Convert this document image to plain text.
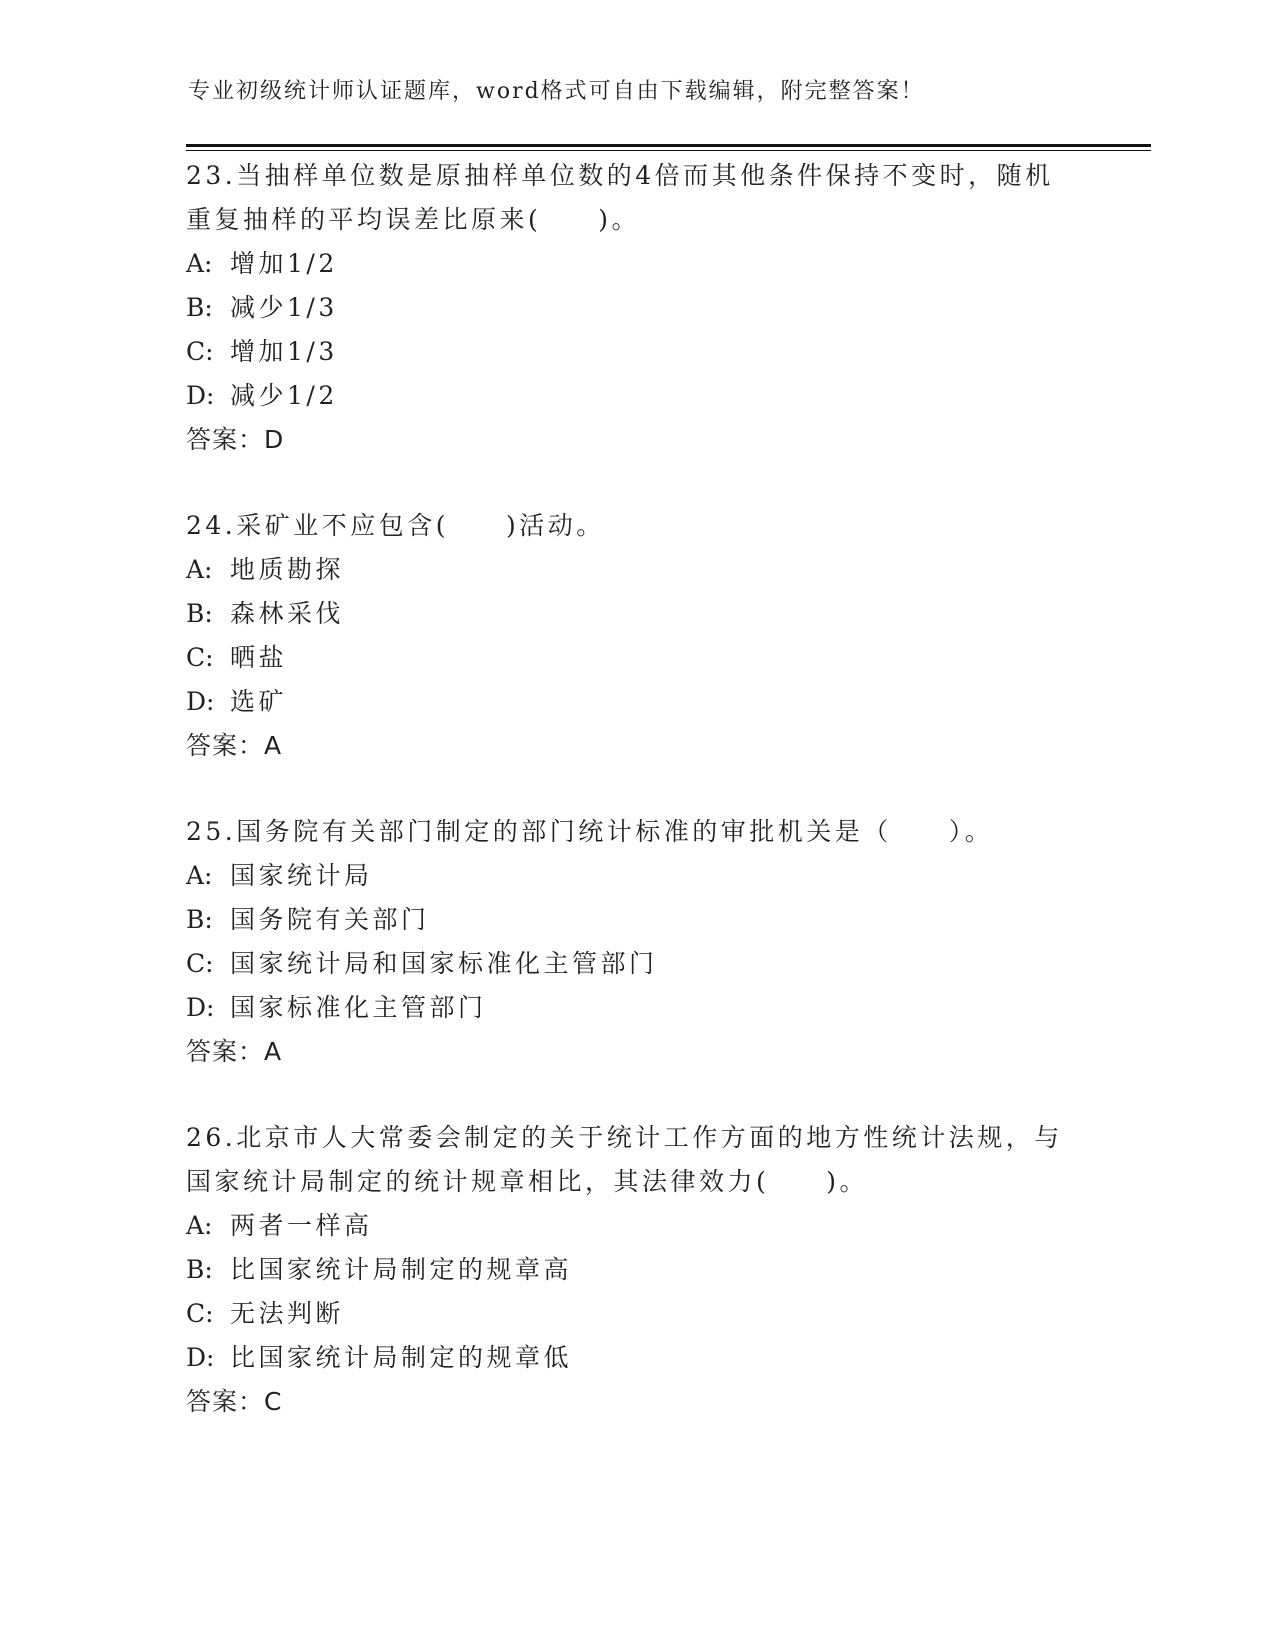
专业初级统计师认证题库，word格式可自由下载编辑，附完整答案！
23.当抽样单位数是原抽样单位数的4倍而其他条件保持不变时，随机
重复抽样的平均误差比原来(　　)。
A: 增加1/2
B: 减少1/3
C: 增加1/3
D: 减少1/2
答案：D
24.采矿业不应包含(　　)活动。
A: 地质勘探
B: 森林采伐
C: 晒盐
D: 选矿
答案：A
25.国务院有关部门制定的部门统计标准的审批机关是（　　）。
A: 国家统计局
B: 国务院有关部门
C: 国家统计局和国家标准化主管部门
D: 国家标准化主管部门
答案：A
26.北京市人大常委会制定的关于统计工作方面的地方性统计法规，与
国家统计局制定的统计规章相比，其法律效力(　　)。
A: 两者一样高
B: 比国家统计局制定的规章高
C: 无法判断
D: 比国家统计局制定的规章低
答案：C
